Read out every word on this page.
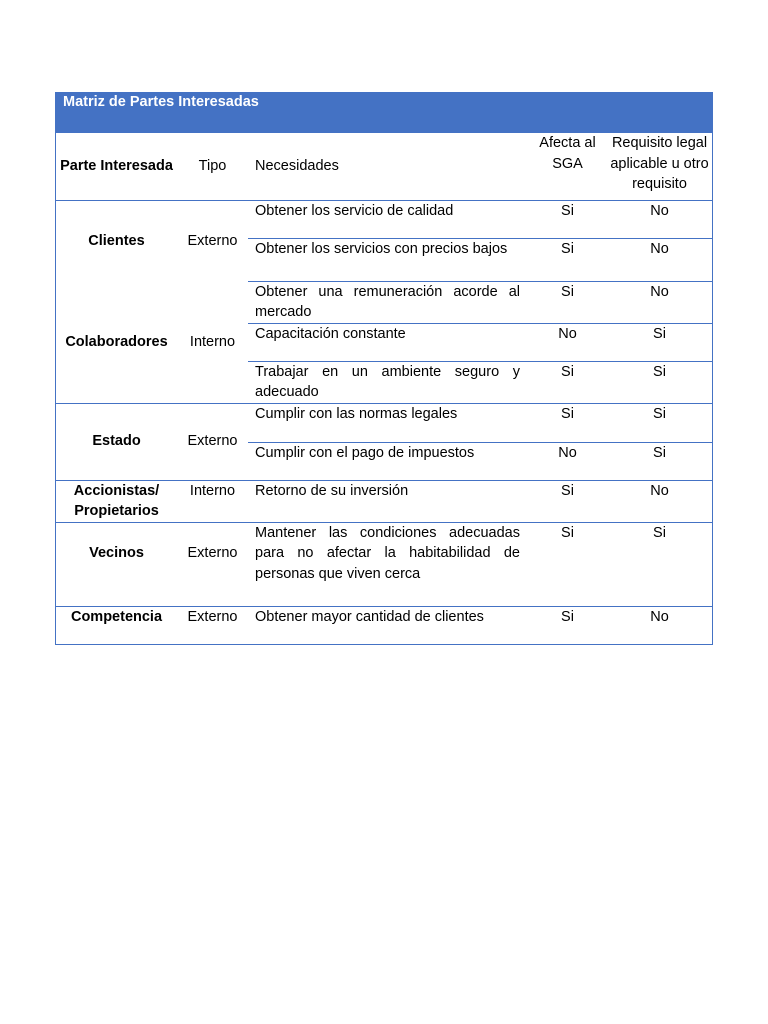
Matriz de Partes Interesadas
Parte Interesada	Tipo	Necesidades	Afecta al SGA	Requisito legal aplicable u otro requisito
Clientes	Externo	Obtener los servicio de calidad	Si	No
		Obtener los servicios con precios bajos	Si	No
Colaboradores	Interno	Obtener una remuneración acorde al mercado	Si	No
		Capacitación constante	No	Si
		Trabajar en un ambiente seguro y adecuado	Si	Si
Estado	Externo	Cumplir con las normas legales	Si	Si
		Cumplir con el pago de impuestos	No	Si
Accionistas/ Propietarios	Interno	Retorno de su inversión	Si	No
Vecinos	Externo	Mantener las condiciones adecuadas para no afectar la habitabilidad de personas que viven cerca	Si	Si
Competencia	Externo	Obtener mayor cantidad de clientes	Si	No
